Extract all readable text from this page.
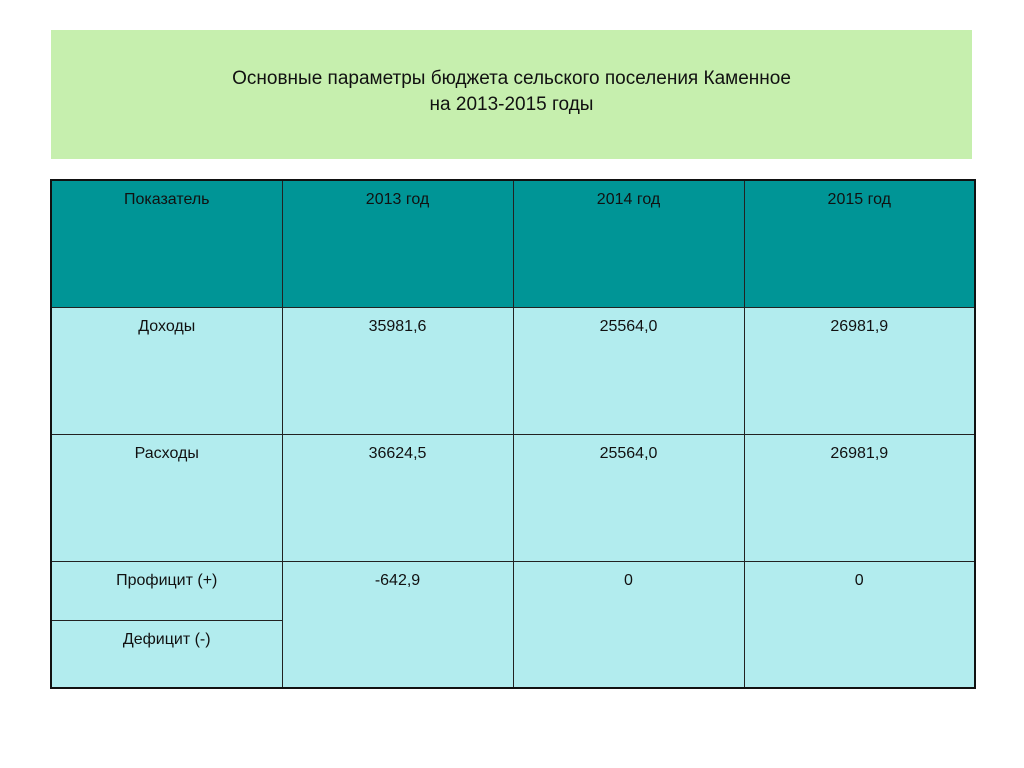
Основные параметры бюджета сельского поселения Каменное
на 2013-2015 годы
Показатель	2013 год	2014 год	2015 год

Доходы	35981,6	25564,0	26981,9

Расходы	36624,5	25564,0	26981,9

Профицит (+)	-642,9	0	0

Дефицит (-)			
